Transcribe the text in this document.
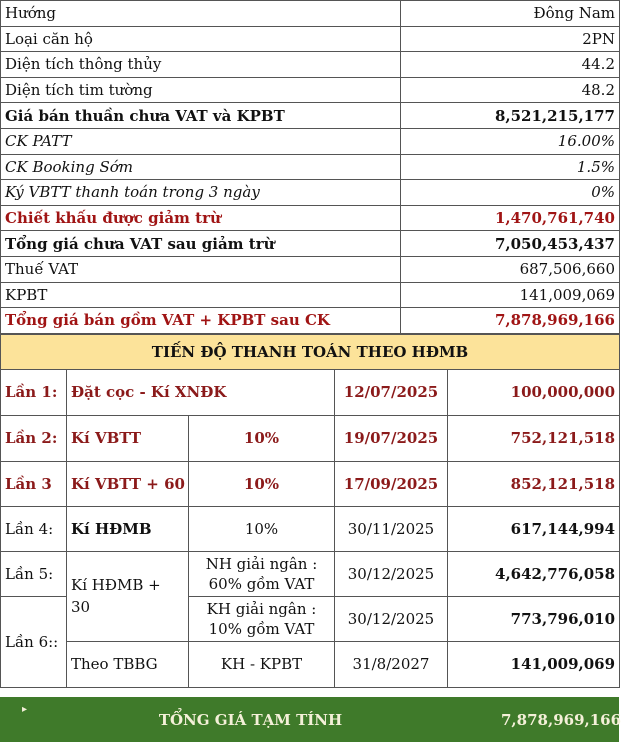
Hướng	Đông Nam
Loại căn hộ	2PN
Diện tích thông thủy	44.2
Diện tích tim tường	48.2
Giá bán thuần chưa VAT và KPBT	8,521,215,177
CK PATT	16.00%
CK Booking Sớm	1.5%
Ký VBTT thanh toán trong 3 ngày	0%
Chiết khấu được giảm trừ	1,470,761,740
Tổng giá chưa VAT sau giảm trừ	7,050,453,437
Thuế VAT	687,506,660
KPBT	141,009,069
Tổng giá bán gồm VAT + KPBT sau CK	7,878,969,166
TIẾN ĐỘ THANH TOÁN THEO HĐMB				
Lần 1:	Đặt cọc - Kí XNĐK		12/07/2025	100,000,000
Lần 2:	Kí VBTT	10%	19/07/2025	752,121,518
Lần 3	Kí VBTT + 60	10%	17/09/2025	852,121,518
Lần 4:	Kí HĐMB	10%	30/11/2025	617,144,994
Lần 5:	Kí HĐMB + 30	NH giải ngân : 60% gồm VAT	30/12/2025	4,642,776,058
Lần 6::		KH giải ngân : 10% gồm VAT	30/12/2025	773,796,010
	Theo TBBG	KH - KPBT	31/8/2027	141,009,069
▸
TỔNG GIÁ TẠM TÍNH	7,878,969,166
